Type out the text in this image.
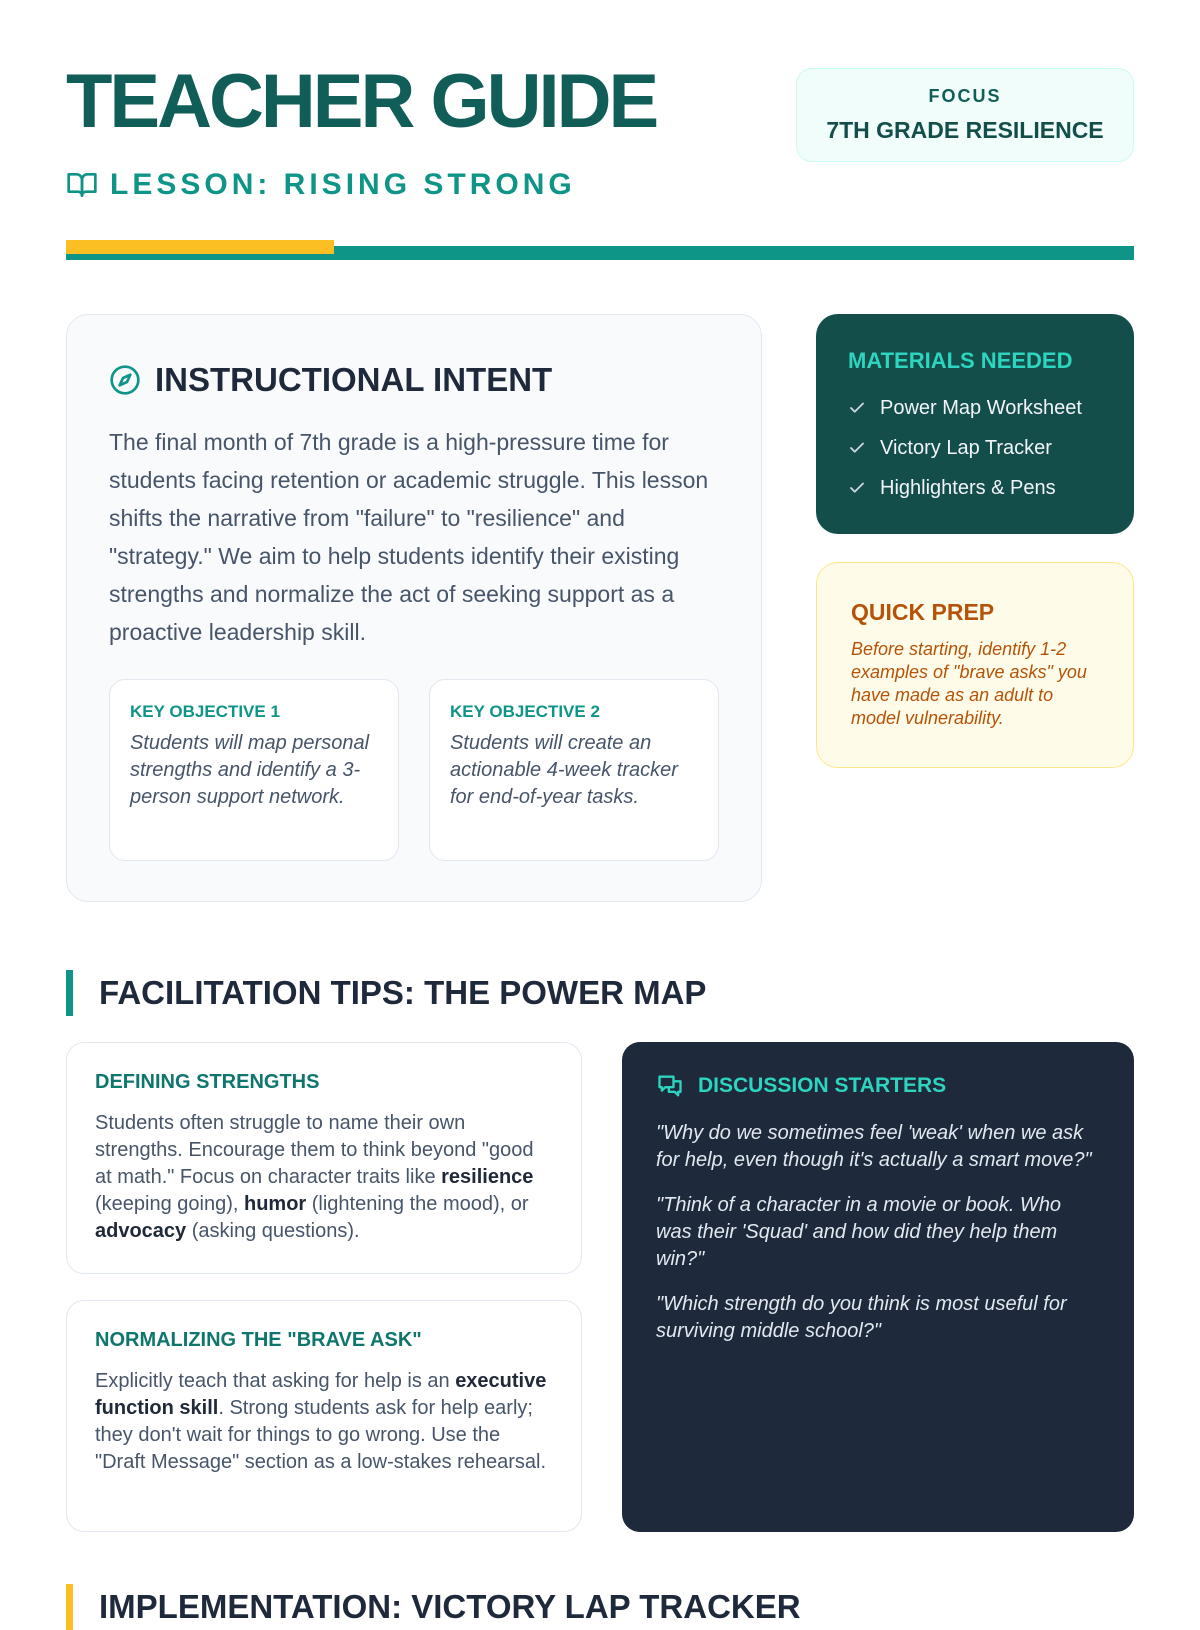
TEACHER GUIDE
LESSON: RISING STRONG
FOCUS
7TH GRADE RESILIENCE
INSTRUCTIONAL INTENT

The final month of 7th grade is a high-pressure time for students facing retention or academic struggle. This lesson shifts the narrative from "failure" to "resilience" and "strategy." We aim to help students identify their existing strengths and normalize the act of seeking support as a proactive leadership skill.

KEY OBJECTIVE 1
Students will map personal strengths and identify a 3-person support network.
KEY OBJECTIVE 2
Students will create an actionable 4-week tracker for end-of-year tasks.
MATERIALS NEEDED
Power Map Worksheet
Victory Lap Tracker
Highlighters & Pens
QUICK PREP

Before starting, identify 1-2 examples of "brave asks" you have made as an adult to model vulnerability.

FACILITATION TIPS: THE POWER MAP
DEFINING STRENGTHS

Students often struggle to name their own strengths. Encourage them to think beyond "good at math." Focus on character traits like resilience (keeping going), humor (lightening the mood), or advocacy (asking questions).

NORMALIZING THE "BRAVE ASK"

Explicitly teach that asking for help is an executive function skill. Strong students ask for help early; they don't wait for things to go wrong. Use the "Draft Message" section as a low-stakes rehearsal.

DISCUSSION STARTERS

"Why do we sometimes feel 'weak' when we ask for help, even though it's actually a smart move?"

"Think of a character in a movie or book. Who was their 'Squad' and how did they help them win?"

"Which strength do you think is most useful for surviving middle school?"

IMPLEMENTATION: VICTORY LAP TRACKER
